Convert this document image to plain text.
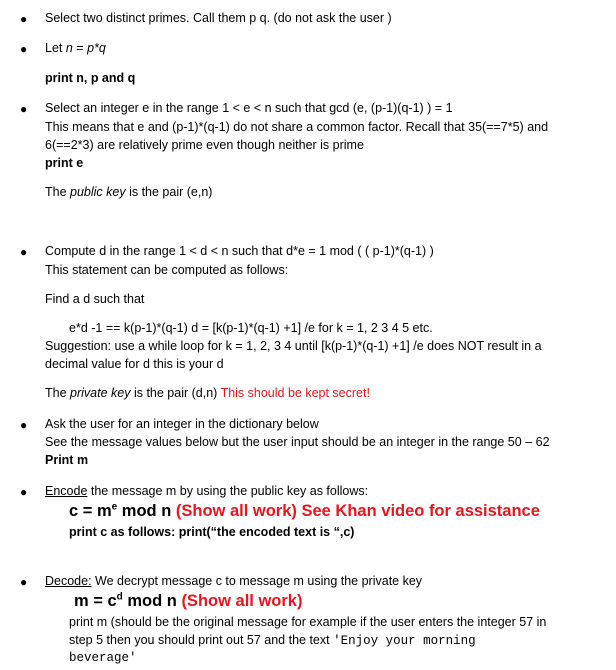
● Select two distinct primes. Call them p q. (do not ask the user )
● Let n = p*q
print n, p and q
● Select an integer e in the range 1 < e < n such that gcd (e, (p-1)(q-1) ) = 1
This means that e and (p-1)*(q-1) do not share a common factor. Recall that 35(==7*5) and
6(==2*3) are relatively prime even though neither is prime
print e
The public key is the pair (e,n)
● Compute d in the range 1 < d < n such that d*e = 1 mod ( ( p-1)*(q-1) )
This statement can be computed as follows:
Find a d such that
e*d -1 == k(p-1)*(q-1) d = [k(p-1)*(q-1) +1] /e for k = 1, 2 3 4 5 etc.
Suggestion: use a while loop for k = 1, 2, 3 4 until [k(p-1)*(q-1) +1] /e does NOT result in a
decimal value for d this is your d
The private key is the pair (d,n) This should be kept secret!
● Ask the user for an integer in the dictionary below
See the message values below but the user input should be an integer in the range 50 – 62
Print m
● Encode the message m by using the public key as follows:
$c = m^e$ mod n (Show all work) See Khan video for assistance
print c as follows: print(“the encoded text is “,c)
● Decode: We decrypt message c to message m using the private key
$m = c^d$ mod n (Show all work)
print m (should be the original message for example if the user enters the integer 57 in
step 5 then you should print out 57 and the text 'Enjoy your morning
beverage'
